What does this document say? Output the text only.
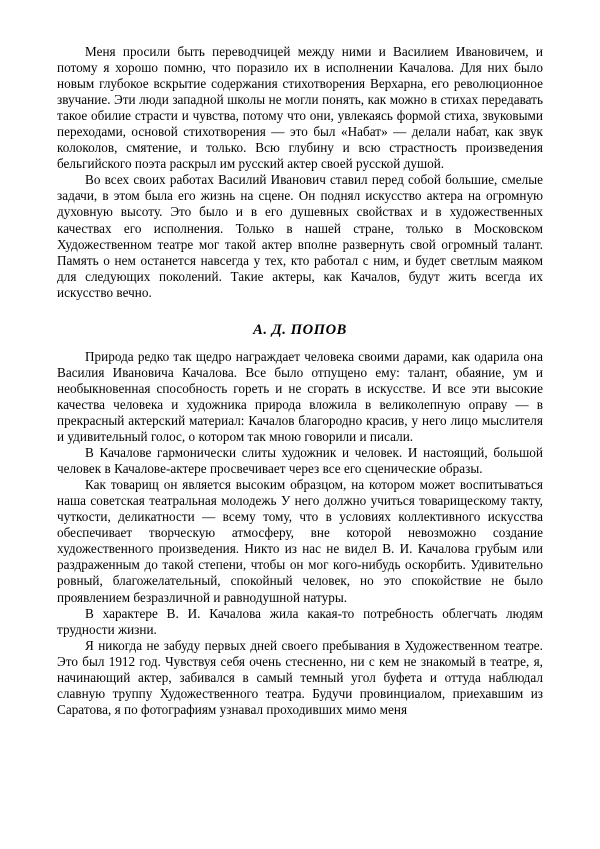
Меня просили быть переводчицей между ними и Василием Ивановичем, и потому я хорошо помню, что поразило их в исполнении Качалова. Для них было новым глубокое вскрытие содержания стихотворения Верхарна, его революционное звучание. Эти люди западной школы не могли понять, как можно в стихах передавать такое обилие страсти и чувства, потому что они, увлекаясь формой стиха, звуковыми переходами, основой стихотворения — это был «Набат» — делали набат, как звук колоколов, смятение, и только. Всю глубину и всю страстность произведения бельгийского поэта раскрыл им русский актер своей русской душой.

Во всех своих работах Василий Иванович ставил перед собой большие, смелые задачи, в этом была его жизнь на сцене. Он поднял искусство актера на огромную духовную высоту. Это было и в его душевных свойствах и в художественных качествах его исполнения. Только в нашей стране, только в Московском Художественном театре мог такой актер вполне развернуть свой огромный талант. Память о нем останется навсегда у тех, кто работал с ним, и будет светлым маяком для следующих поколений. Такие актеры, как Качалов, будут жить всегда их искусство вечно.

А. Д. ПОПОВ

Природа редко так щедро награждает человека своими дарами, как одарила она Василия Ивановича Качалова. Все было отпущено ему: талант, обаяние, ум и необыкновенная способность гореть и не сгорать в искусстве. И все эти высокие качества человека и художника природа вложила в великолепную оправу — в прекрасный актерский материал: Качалов благородно красив, у него лицо мыслителя и удивительный голос, о котором так мною говорили и писали.

В Качалове гармонически слиты художник и человек. И настоящий, большой человек в Качалове-актере просвечивает через все его сценические образы.

Как товарищ он является высоким образцом, на котором может воспитываться наша советская театральная молодежь У него должно учиться товарищескому такту, чуткости, деликатности — всему тому, что в условиях коллективного искусства обеспечивает творческую атмосферу, вне которой невозможно создание художественного произведения. Никто из нас не видел В. И. Качалова грубым или раздраженным до такой степени, чтобы он мог кого-нибудь оскорбить. Удивительно ровный, благожелательный, спокойный человек, но это спокойствие не было проявлением безразличной и равнодушной натуры.

В характере В. И. Качалова жила какая-то потребность облегчать людям трудности жизни.

Я никогда не забуду первых дней своего пребывания в Художественном театре. Это был 1912 год. Чувствуя себя очень стесненно, ни с кем не знакомый в театре, я, начинающий актер, забивался в самый темный угол буфета и оттуда наблюдал славную труппу Художественного театра. Будучи провинциалом, приехавшим из Саратова, я по фотографиям узнавал проходивших мимо меня
